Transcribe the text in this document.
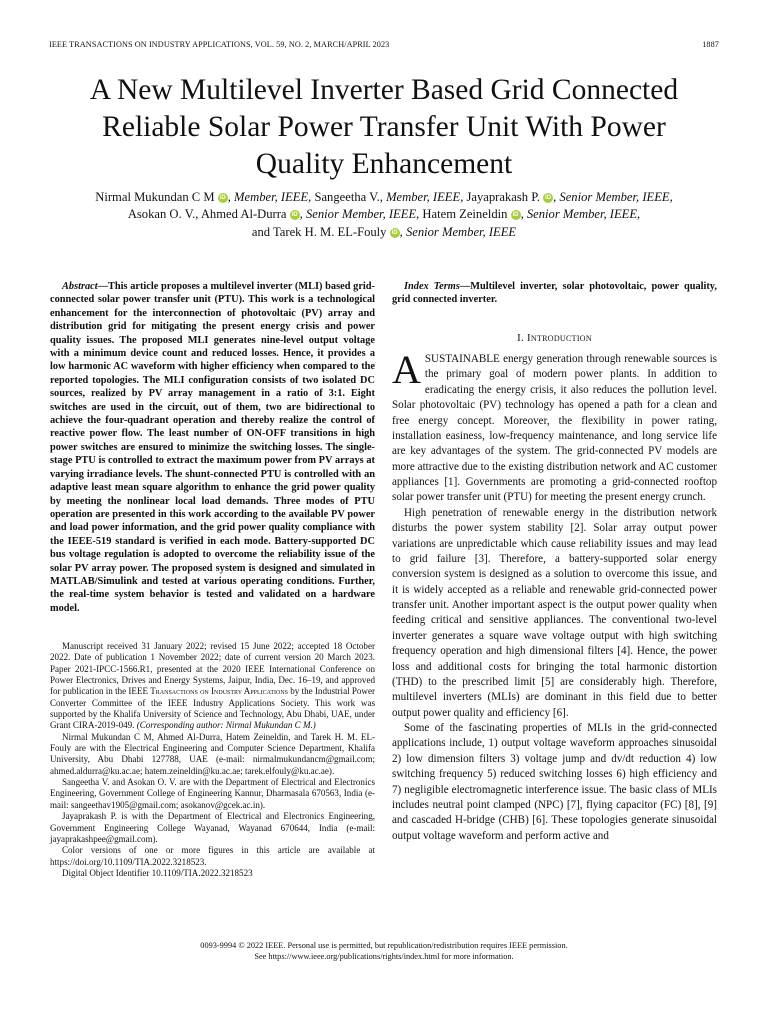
IEEE TRANSACTIONS ON INDUSTRY APPLICATIONS, VOL. 59, NO. 2, MARCH/APRIL 2023	1887
A New Multilevel Inverter Based Grid Connected
Reliable Solar Power Transfer Unit With Power
Quality Enhancement
Nirmal Mukundan C M iD , Member, IEEE, Sangeetha V., Member, IEEE, Jayaprakash P. iD , Senior Member, IEEE,
Asokan O. V., Ahmed Al-Durra iD , Senior Member, IEEE, Hatem Zeineldin iD , Senior Member, IEEE,
and Tarek H. M. EL-Fouly iD , Senior Member, IEEE

Abstract—This article proposes a multilevel inverter (MLI) based grid-connected solar power transfer unit (PTU). This work is a technological enhancement for the interconnection of photovoltaic (PV) array and distribution grid for mitigating the present energy crisis and power quality issues. The proposed MLI generates nine-level output voltage with a minimum device count and reduced losses. Hence, it provides a low harmonic AC waveform with higher efficiency when compared to the reported topologies. The MLI configuration consists of two isolated DC sources, realized by PV array management in a ratio of 3:1. Eight switches are used in the circuit, out of them, two are bidirectional to achieve the four-quadrant operation and thereby realize the control of reactive power flow. The least number of ON-OFF transitions in high power switches are ensured to minimize the switching losses. The single-stage PTU is controlled to extract the maximum power from PV arrays at varying irradiance levels. The shunt-connected PTU is controlled with an adaptive least mean square algorithm to enhance the grid power quality by meeting the nonlinear local load demands. Three modes of PTU operation are presented in this work according to the available PV power and load power information, and the grid power quality compliance with the IEEE-519 standard is verified in each mode. Battery-supported DC bus voltage regulation is adopted to overcome the reliability issue of the solar PV array power. The proposed system is designed and simulated in MATLAB/Simulink and tested at various operating conditions. Further, the real-time system behavior is tested and validated on a hardware model.

Index Terms—Multilevel inverter, solar photovoltaic, power quality, grid connected inverter.

Manuscript received 31 January 2022; revised 15 June 2022; accepted 18 October 2022. Date of publication 1 November 2022; date of current version 20 March 2023. Paper 2021-IPCC-1566.R1, presented at the 2020 IEEE International Conference on Power Electronics, Drives and Energy Systems, Jaipur, India, Dec. 16–19, and approved for publication in the IEEE Transactions on Industry Applications by the Industrial Power Converter Committee of the IEEE Industry Applications Society. This work was supported by the Khalifa University of Science and Technology, Abu Dhabi, UAE, under Grant CIRA-2019-049. (Corresponding author: Nirmal Mukundan C M.)

Nirmal Mukundan C M, Ahmed Al-Durra, Hatem Zeineldin, and Tarek H. M. EL-Fouly are with the Electrical Engineering and Computer Science Department, Khalifa University, Abu Dhabi 127788, UAE (e-mail: nirmalmukundancm@gmail.com; ahmed.aldurra@ku.ac.ae; hatem.zeineldin@ku.ac.ae; tarek.elfouly@ku.ac.ae).

Sangeetha V. and Asokan O. V. are with the Department of Electrical and Electronics Engineering, Government College of Engineering Kannur, Dharmasala 670563, India (e-mail: sangeethav1905@gmail.com; asokanov@gcek.ac.in).

Jayaprakash P. is with the Department of Electrical and Electronics Engineering, Government Engineering College Wayanad, Wayanad 670644, India (e-mail: jayaprakashpee@gmail.com).

Color versions of one or more figures in this article are available at https://doi.org/10.1109/TIA.2022.3218523.

Digital Object Identifier 10.1109/TIA.2022.3218523

I. Introduction

ASUSTAINABLE energy generation through renewable sources is the primary goal of modern power plants. In addition to eradicating the energy crisis, it also reduces the pollution level. Solar photovoltaic (PV) technology has opened a path for a clean and free energy concept. Moreover, the flexibility in power rating, installation easiness, low-frequency maintenance, and long service life are key advantages of the system. The grid-connected PV models are more attractive due to the existing distribution network and AC customer appliances [1]. Governments are promoting a grid-connected rooftop solar power transfer unit (PTU) for meeting the present energy crunch.

High penetration of renewable energy in the distribution network disturbs the power system stability [2]. Solar array output power variations are unpredictable which cause reliability issues and may lead to grid failure [3]. Therefore, a battery-supported solar energy conversion system is designed as a solution to overcome this issue, and it is widely accepted as a reliable and renewable grid-connected power transfer unit. Another important aspect is the output power quality when feeding critical and sensitive appliances. The conventional two-level inverter generates a square wave voltage output with high switching frequency operation and high dimensional filters [4]. Hence, the power loss and additional costs for bringing the total harmonic distortion (THD) to the prescribed limit [5] are considerably high. Therefore, multilevel inverters (MLIs) are dominant in this field due to better output power quality and efficiency [6].

Some of the fascinating properties of MLIs in the grid-connected applications include, 1) output voltage waveform approaches sinusoidal 2) low dimension filters 3) voltage jump and dv/dt reduction 4) low switching frequency 5) reduced switching losses 6) high efficiency and 7) negligible electromagnetic interference issue. The basic class of MLIs includes neutral point clamped (NPC) [7], flying capacitor (FC) [8], [9] and cascaded H-bridge (CHB) [6]. These topologies generate sinusoidal output voltage waveform and perform active and

0093-9994 © 2022 IEEE. Personal use is permitted, but republication/redistribution requires IEEE permission.
See https://www.ieee.org/publications/rights/index.html for more information.
